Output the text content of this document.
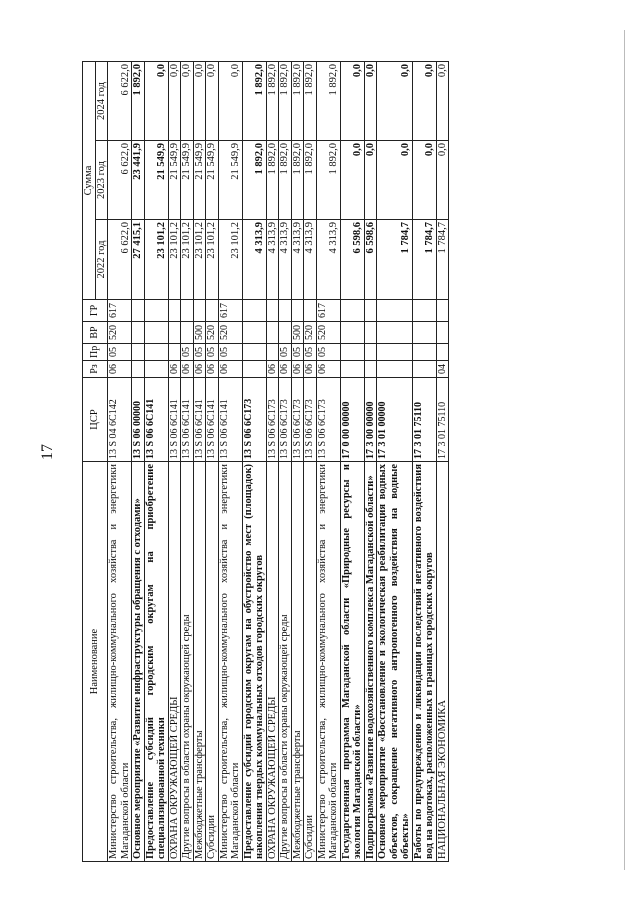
17
Наименование	ЦСР	Рз	Пр	ВР	ГР	Сумма		
						2022 год	2023 год	2024 год
Министерство строительства, жилищно-коммунального хозяйства и энергетики Магаданской области	13 S 04 6C142	06	05	520	617	6 622,0	6 622,0	6 622,0
Основное мероприятие «Развитие инфраструктуры обращения с отходами»	13 S 06 00000					27 415,1	23 441,9	1 892,0
Предоставление субсидий городским округам на приобретение специализированной техники	13 S 06 6C141					23 101,2	21 549,9	0,0
ОХРАНА ОКРУЖАЮЩЕЙ СРЕДЫ	13 S 06 6C141	06				23 101,2	21 549,9	0,0
Другие вопросы в области охраны окружающей среды	13 S 06 6C141	06	05			23 101,2	21 549,9	0,0
Межбюджетные трансферты	13 S 06 6C141	06	05	500		23 101,2	21 549,9	0,0
Субсидии	13 S 06 6C141	06	05	520		23 101,2	21 549,9	0,0
Министерство строительства, жилищно-коммунального хозяйства и энергетики Магаданской области	13 S 06 6C141	06	05	520	617	23 101,2	21 549,9	0,0
Предоставление субсидий городским округам на обустройство мест (площадок) накопления твердых коммунальных отходов городских округов	13 S 06 6C173					4 313,9	1 892,0	1 892,0
ОХРАНА ОКРУЖАЮЩЕЙ СРЕДЫ	13 S 06 6C173	06				4 313,9	1 892,0	1 892,0
Другие вопросы в области охраны окружающей среды	13 S 06 6C173	06	05			4 313,9	1 892,0	1 892,0
Межбюджетные трансферты	13 S 06 6C173	06	05	500		4 313,9	1 892,0	1 892,0
Субсидии	13 S 06 6C173	06	05	520		4 313,9	1 892,0	1 892,0
Министерство строительства, жилищно-коммунального хозяйства и энергетики Магаданской области	13 S 06 6C173	06	05	520	617	4 313,9	1 892,0	1 892,0
Государственная программа Магаданской области «Природные ресурсы и экология Магаданской области»	17 0 00 00000					6 598,6	0,0	0,0
Подпрограмма «Развитие водохозяйственного комплекса Магаданской области»	17 3 00 00000					6 598,6	0,0	0,0
Основное мероприятие «Восстановление и экологическая реабилитация водных объектов, сокращение негативного антропогенного воздействия на водные объекты»	17 3 01 00000					1 784,7	0,0	0,0
Работы по предупреждению и ликвидации последствий негативного воздействия вод на водотоках, расположенных в границах городских округов	17 3 01 75110					1 784,7	0,0	0,0
НАЦИОНАЛЬНАЯ ЭКОНОМИКА	17 3 01 75110	04				1 784,7	0,0	0,0
